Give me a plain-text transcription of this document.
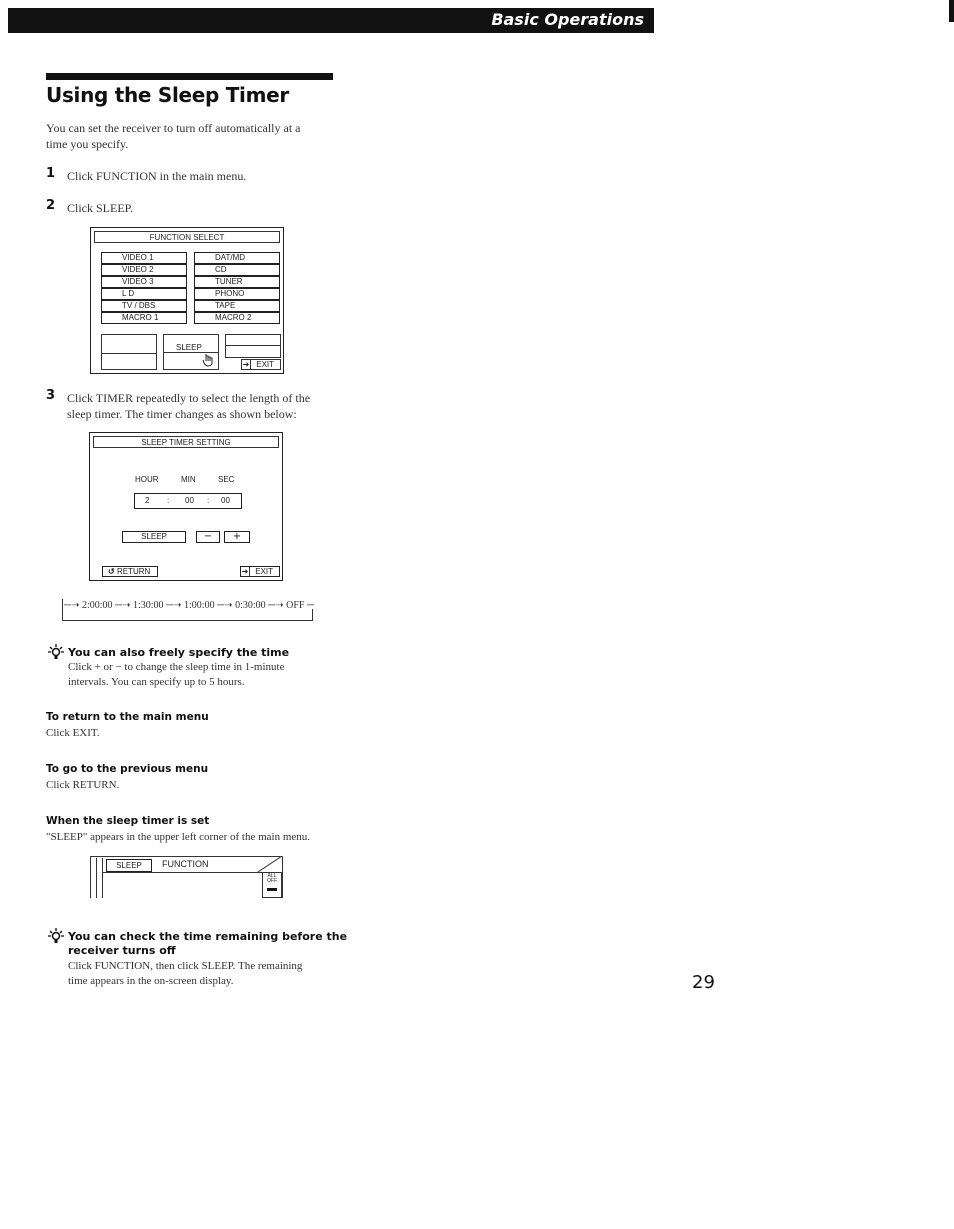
Basic Operations
Using the Sleep Timer
You can set the receiver to turn off automatically at a
time you specify.
1 Click FUNCTION in the main menu.
2 Click SLEEP.
FUNCTION SELECT
VIDEO 1
VIDEO 2
VIDEO 3
L D
TV / DBS
MACRO 1
DAT/MD
CD
TUNER
PHONO
TAPE
MACRO 2
SLEEP
➜ EXIT
3 Click TIMER repeatedly to select the length of the
sleep timer. The timer changes as shown below:
SLEEP TIMER SETTING
HOUR	MIN	SEC
2 : 00 : 00
SLEEP	−	+
↺ RETURN	➜ EXIT
─➝ 2:00:00 ─➝ 1:30:00 ─➝ 1:00:00 ─➝ 0:30:00 ─➝ OFF ─
You can also freely specify the time
Click + or − to change the sleep time in 1-minute
intervals. You can specify up to 5 hours.
To return to the main menu
Click EXIT.
To go to the previous menu
Click RETURN.
When the sleep timer is set
"SLEEP" appears in the upper left corner of the main menu.
SLEEP	FUNCTION
ALL OFF
You can check the time remaining before the
receiver turns off
Click FUNCTION, then click SLEEP. The remaining
time appears in the on-screen display.	29
